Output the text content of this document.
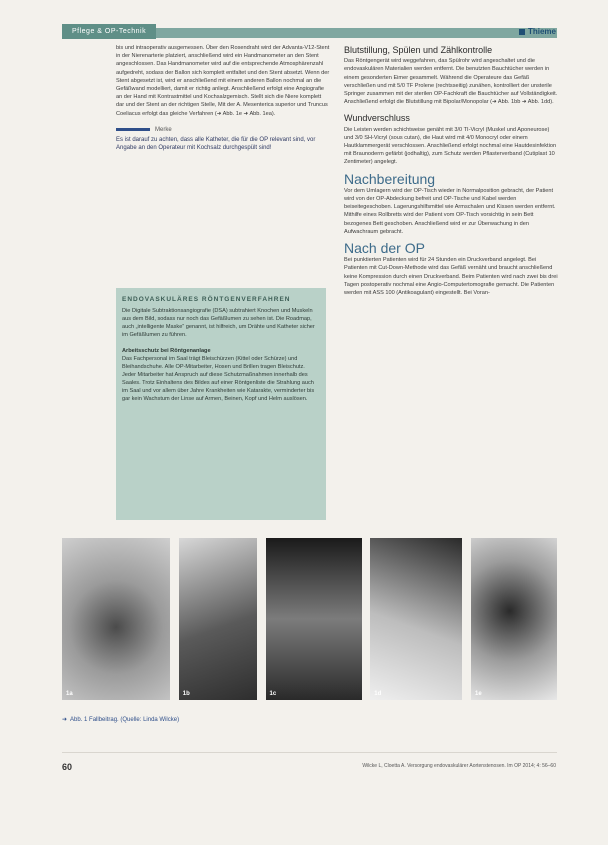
Pflege & OP-Technik	Thieme

bis und intraoperativ ausgemessen. Über den Rosendraht wird der Advanta-V12-Stent in der Nierenarterie platziert, anschließend wird ein Handmanometer an den Stent angeschlossen. Das Handmanometer wird auf die entsprechende Atmosphärenzahl aufgedreht, sodass der Ballon sich komplett entfaltet und den Stent absetzt. Wenn der Stent abgesetzt ist, wird er anschließend mit einem anderen Ballon nochmal an die Gefäßwand modelliert, damit er richtig anliegt. Anschließend erfolgt eine Angiografie an der Hand mit Kontrastmittel und Kochsalzgemisch. Stellt sich die Niere komplett dar und der Stent an der richtigen Stelle, Mit der A. Mesenterica superior und Truncus Coeliacus erfolgt das gleiche Verfahren (➜ Abb. 1e ➜ Abb. 1ea).

Merke
Es ist darauf zu achten, dass alle Katheter, die für die OP relevant sind, vor Angabe an den Operateur mit Kochsalz durchgespült sind!
ENDOVASKULÄRES RÖNTGENVERFAHREN
Die Digitale Subtraktionsangiografie (DSA) subtrahiert Knochen und Muskeln aus dem Bild, sodass nur noch das Gefäßlumen zu sehen ist. Die Roadmap, auch „intelligente Maske“ genannt, ist hilfreich, um Drähte und Katheter sicher im Gefäßlumen zu führen.
Arbeitsschutz bei Röntgenanlage
Das Fachpersonal im Saal trägt Bleischürzen (Kittel oder Schürze) und Bleihandschuhe. Alle OP-Mitarbeiter, Hosen und Brillen tragen Bleischutz. Jeder Mitarbeiter hat Anspruch auf diese Schutzmaßnahmen innerhalb des Saales. Trotz Einhaltens des Bildes auf einer Röntgenliste die Strahlung auch im Saal und vor allem über Jahre Krankheiten wie Katarakte, verminderter bis gar kein Wachstum der Linse auf Armen, Beinen, Kopf und Helm auslösen.
Blutstillung, Spülen und Zählkontrolle

Das Röntgengerät wird weggefahren, das Spülrohr wird angeschaltet und die endovaskulären Materialien werden entfernt. Die benutzten Bauchtücher werden in einem gesonderten Eimer gesammelt. Während die Operateure das Gefäß verschließen und mit 5/0 TF Prolene (rechtsseitig) zunähen, kontrolliert der unsterile Springer zusammen mit der sterilen OP-Fachkraft die Bauchtücher auf Vollständigkeit. Anschließend erfolgt die Blutstillung mit Bipolar/Monopolar (➜ Abb. 1bb ➜ Abb. 1dd).

Wundverschluss

Die Leisten werden schichtweise genäht mit 3/0 TI-Vicryl (Muskel und Aponeurose) und 3/0 SH-Vicryl (sous cutan), die Haut wird mit 4/0 Monocryl oder einem Hautklammergerät verschlossen. Anschließend erfolgt nochmal eine Hautdesinfektion mit Braunoderm gefärbt (jodhaltig), zum Schutz werden Pflasterverband (Cutiplast 10 Zentimeter) angelegt.

Nachbereitung

Vor dem Umlagern wird der OP-Tisch wieder in Normalposition gebracht, der Patient wird von der OP-Abdeckung befreit und OP-Tische und Kabel werden beiseitegeschoben. Lagerungshilfsmittel wie Armschalen und Kissen werden entfernt. Mithilfe eines Rollbretts wird der Patient vom OP-Tisch vorsichtig in sein Bett bezogenes Bett geschoben. Anschließend wird er zur Überwachung in den Aufwachraum gebracht.

Nach der OP

Bei punktierten Patienten wird für 24 Stunden ein Druckverband angelegt. Bei Patienten mit Cut-Down-Methode wird das Gefäß vernäht und braucht anschließend keine Kompression durch einen Druckverband. Beim Patienten wird nach zwei bis drei Tagen postoperativ nochmal eine Angio-Computertomografie gemacht. Die Patienten werden mit ASS 100 (Antikoagulant) eingestellt. Bei Voran-

1a	1b	1c	1d	1e
➜ Abb. 1 Fallbeitrag. (Quelle: Linda Wilcke)
60	Wilcke L, Cloetta A. Versorgung endovaskulärer Aortenstenosen. Im OP 2014; 4: 56–60
